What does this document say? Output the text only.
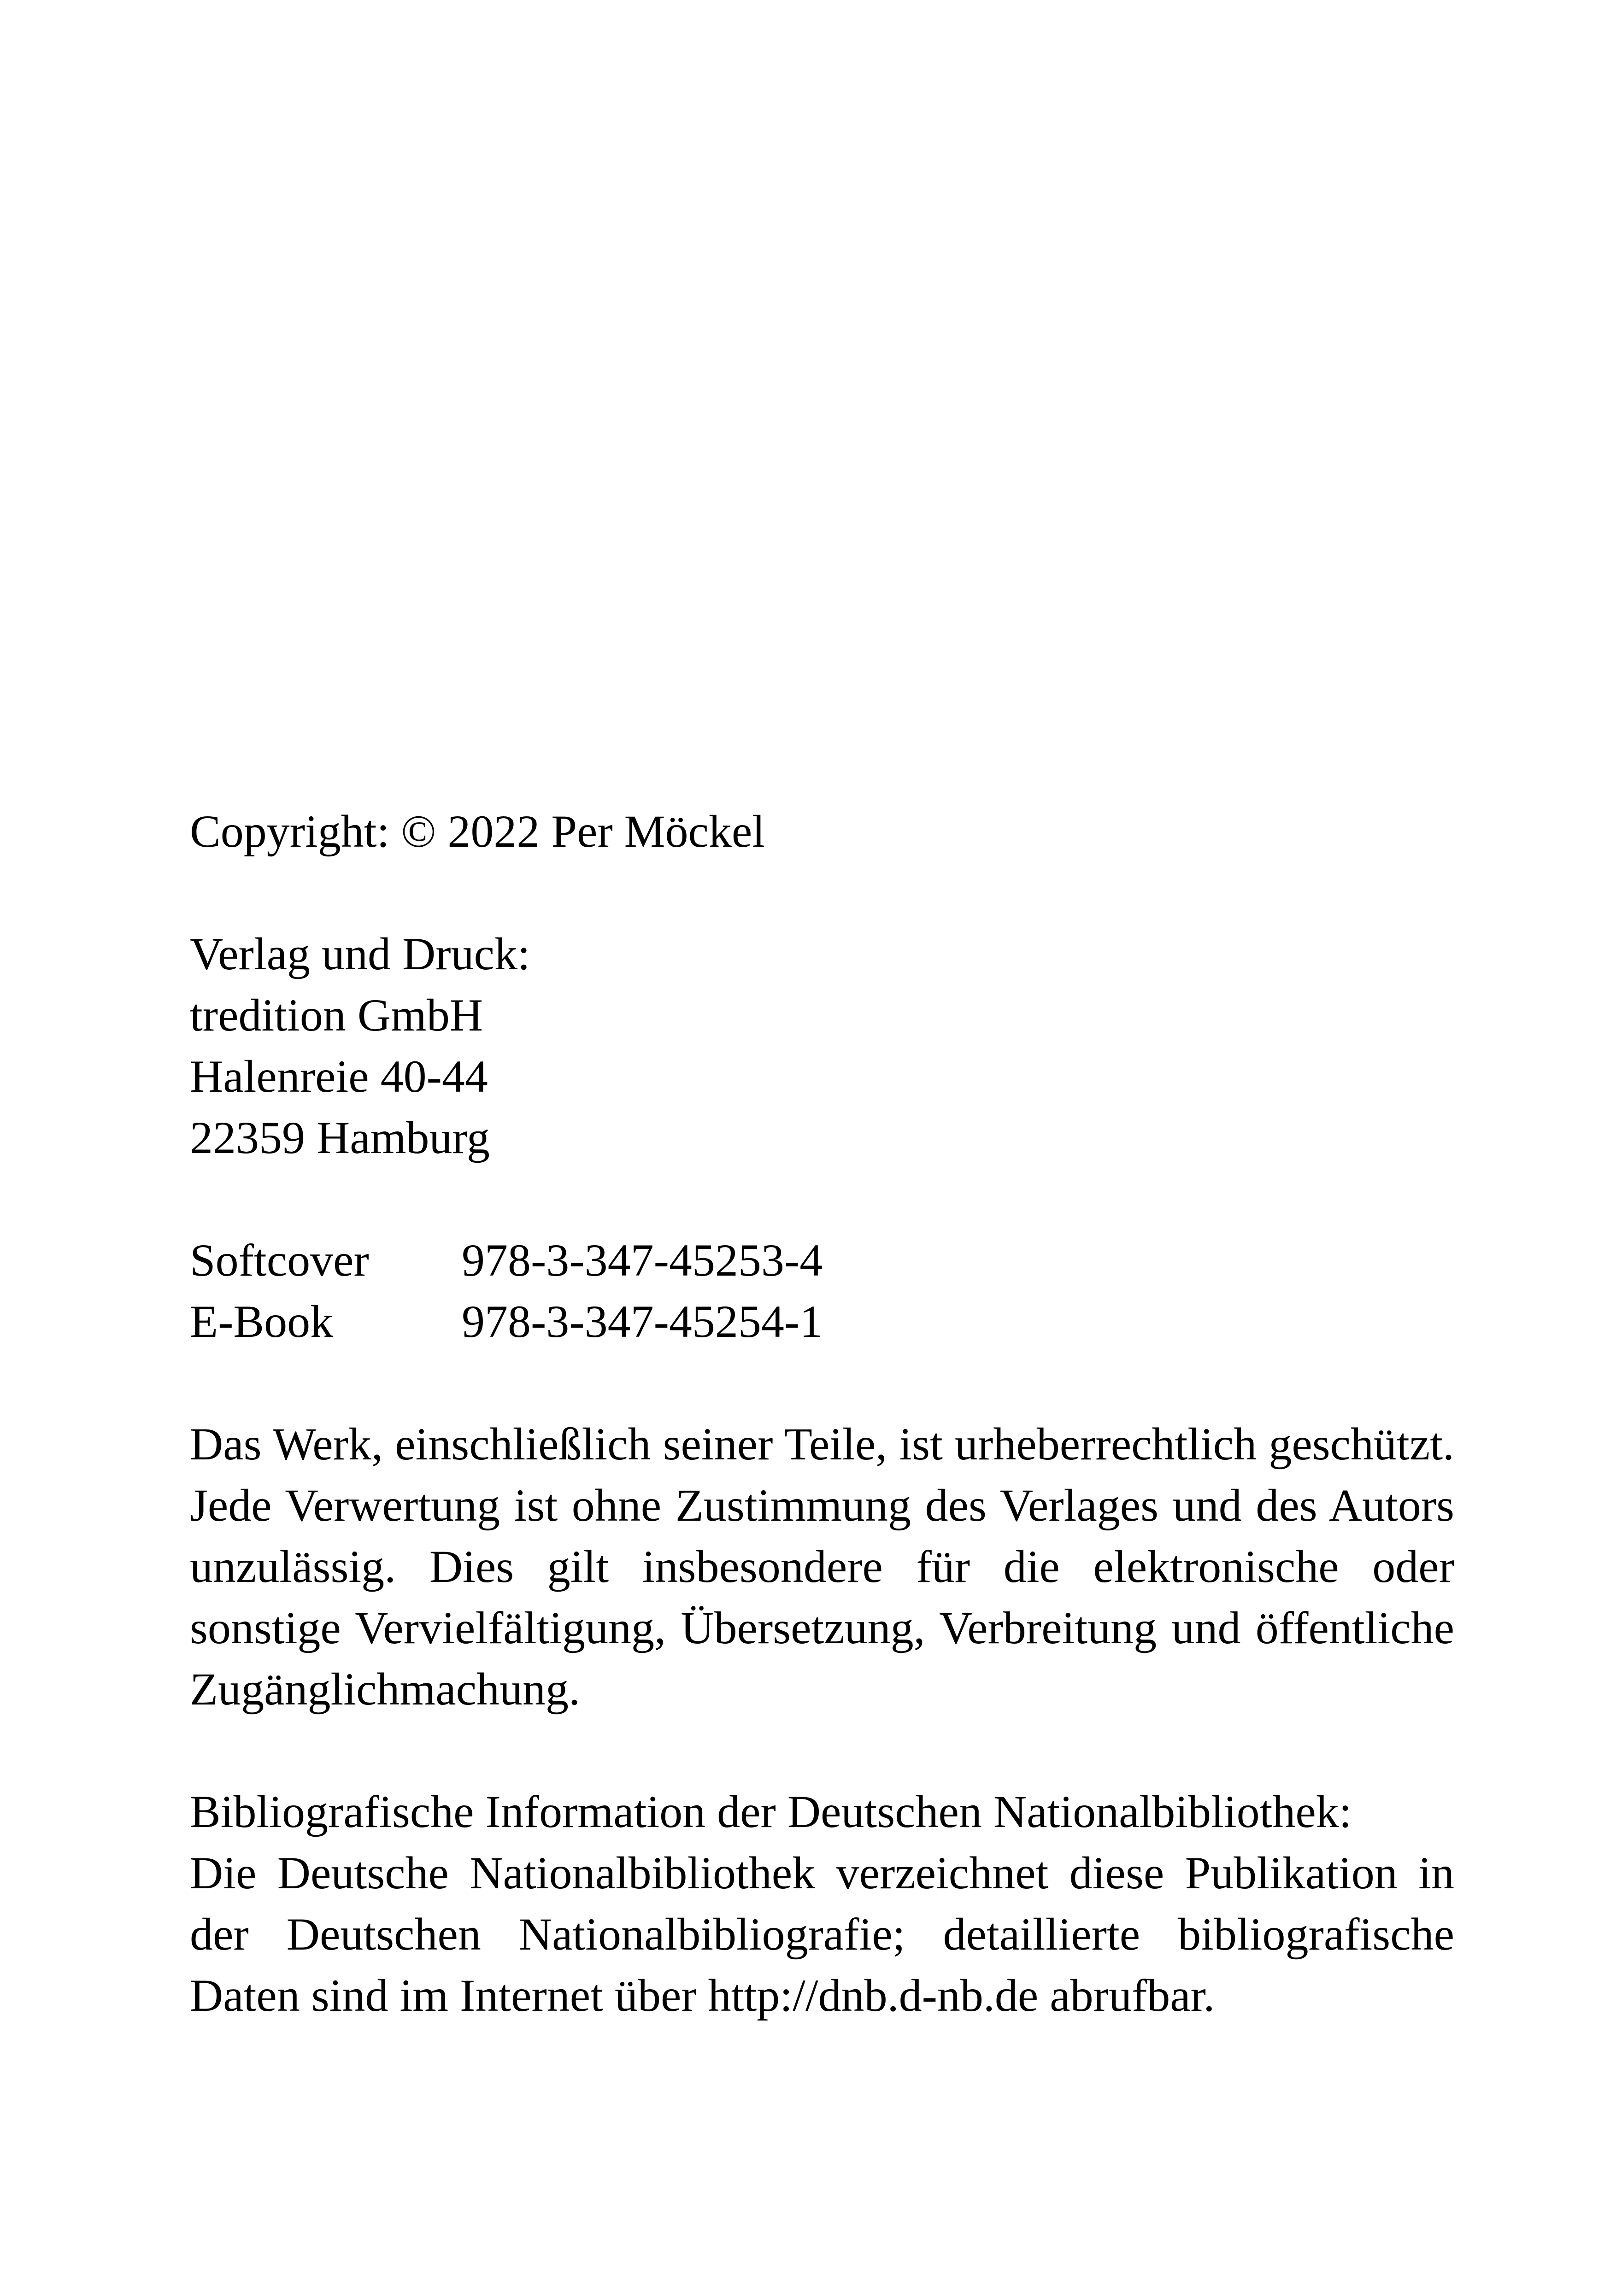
Copyright: © 2022 Per Möckel
Verlag und Druck:
tredition GmbH
Halenreie 40-44
22359 Hamburg
Softcover	978-3-347-45253-4
E-Book	978-3-347-45254-1
Das Werk, einschließlich seiner Teile, ist urheberrechtlich geschützt.
Jede Verwertung ist ohne Zustimmung des Verlages und des Autors
unzulässig. Dies gilt insbesondere für die elektronische oder
sonstige Vervielfältigung, Übersetzung, Verbreitung und öffentliche
Zugänglichmachung.
Bibliografische Information der Deutschen Nationalbibliothek:
Die Deutsche Nationalbibliothek verzeichnet diese Publikation in
der Deutschen Nationalbibliografie; detaillierte bibliografische
Daten sind im Internet über http://dnb.d-nb.de abrufbar.
